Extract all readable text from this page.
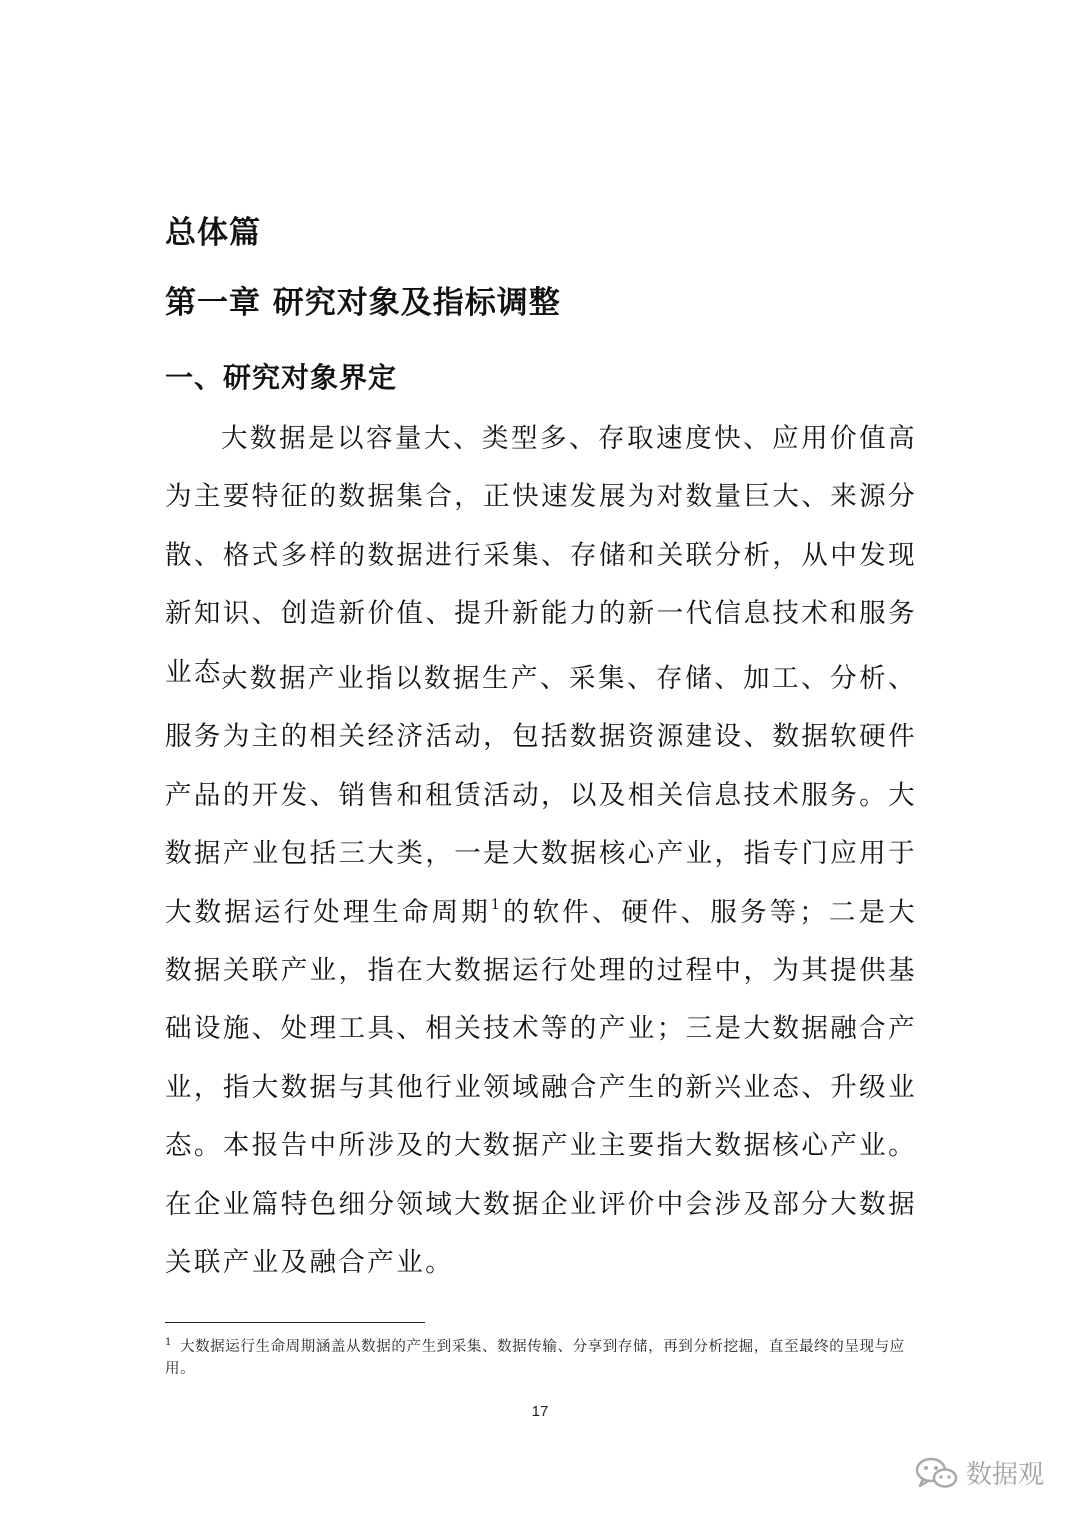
总体篇
第一章 研究对象及指标调整
一、研究对象界定

大数据是以容量大、类型多、存取速度快、应用价值高为主要特征的数据集合，正快速发展为对数量巨大、来源分散、格式多样的数据进行采集、存储和关联分析，从中发现新知识、创造新价值、提升新能力的新一代信息技术和服务业态。

大数据产业指以数据生产、采集、存储、加工、分析、服务为主的相关经济活动，包括数据资源建设、数据软硬件产品的开发、销售和租赁活动，以及相关信息技术服务。大数据产业包括三大类，一是大数据核心产业，指专门应用于大数据运行处理生命周期$^1$的软件、硬件、服务等；二是大数据关联产业，指在大数据运行处理的过程中，为其提供基础设施、处理工具、相关技术等的产业；三是大数据融合产业，指大数据与其他行业领域融合产生的新兴业态、升级业态。本报告中所涉及的大数据产业主要指大数据核心产业。在企业篇特色细分领域大数据企业评价中会涉及部分大数据关联产业及融合产业。

$^1$ 大数据运行生命周期涵盖从数据的产生到采集、数据传输、分享到存储，再到分析挖掘，直至最终的呈现与应用。

17
数据观
